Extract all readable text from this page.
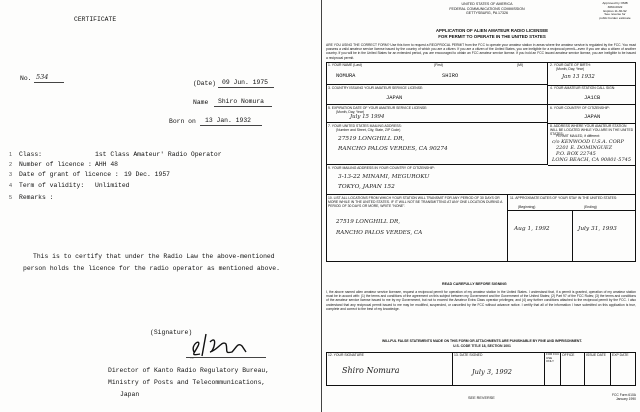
CERTIFICATE
No. 534
(Date) 09 Jun. 1975
Name Shiro Nomura
Born on 13 Jan. 1932
1 Class:	1st Class Amateur' Radio Operator
2 Number of licence : AHH 48
3 Date of grant of licence : 19 Dec. 1957
4 Term of validity: Unlimited
5 Remarks :
This is to certify that under the Radio Law the above-mentioned
person holds the licence for the radio operator as mentioned above.
(Signature)
S. Ueda
Director of Kanto Radio Regulatory Bureau,
Ministry of Posts and Telecommunications,
Japan
UNITED STATES OF AMERICA
FEDERAL COMMUNICATIONS COMMISSION
GETTYSBURG, PA 17326
Approved by OMB
3060-0022
Expires 11-30-92
See reverse for
public burden estimate
APPLICATION OF ALIEN AMATEUR RADIO LICENSEE
FOR PERMIT TO OPERATE IN THE UNITED STATES
ARE YOU USING THE CORRECT FORM? Use this form to request a RECIPROCAL PERMIT from the FCC to operate your amateur station in areas where the amateur service is regulated by the FCC. You must possess a valid amateur service license issued by the country of which you are a citizen. If you are a citizen of the United States, you are ineligible for a reciprocal permit—even if you are also a citizen of another country. If you will be in the United States for an extended period, you are encouraged to obtain an FCC amateur service license. If you hold an FCC issued amateur service license, you are ineligible to be issued a reciprocal permit.
1. YOUR NAME (Last)	(First)	(MI)
NOMURA	SHIRO
2. YOUR DATE OF BIRTH:
(Month, Day, Year)
Jan 13 1932
3. COUNTRY ISSUING YOUR AMATEUR SERVICE LICENSE:
JAPAN
4. YOUR AMATEUR STATION CALL SIGN:
JA1CB
5. EXPIRATION DATE OF YOUR AMATEUR SERVICE LICENSE:
(Month, Day, Year)
July 15 1994
6. YOUR COUNTRY OF CITIZENSHIP:
JAPAN
7. YOUR UNITED STATES MAILING ADDRESS:
(Number and Street, City, State, ZIP Code)
27519 LONGHILL DR,
RANCHO PALOS VERDES, CA 90274
8. ADDRESS WHERE YOUR AMATEUR STATION WILL BE LOCATED WHILE YOU ARE IN THE UNITED STATES:
PERMIT MAILED, if different:
c/o KENWOOD U.S.A. CORP
2201 E. DOMINGUEZ
P.O. BOX 22745
LONG BEACH, CA 90801-5745
9. YOUR MAILING ADDRESS IN YOUR COUNTRY OF CITIZENSHIP:
3-13-22 MINAMI, MEGUROKU
TOKYO, JAPAN 152
10. LIST ALL LOCATIONS FROM WHICH YOUR STATION WILL TRANSMIT FOR ANY PERIOD OF 30 DAYS OR MORE WHILE IN THE UNITED STATES. IF IT WILL NOT BE TRANSMITTING AT ANY ONE LOCATION DURING A PERIOD OF 30 DAYS OR MORE, WRITE "NONE".
27519 LONGHILL DR,
RANCHO PALOS VERDES, CA
11. APPROXIMATE DATES OF YOUR STAY IN THE UNITED STATES:
(Beginning)	(Ending)
Aug 1, 1992	July 31, 1993
READ CAREFULLY BEFORE SIGNING
I, the above named alien amateur service licensee, request a reciprocal permit for operation of my amateur station in the United States. I understand that, if a permit is granted, operation of my amateur station must be in accord with: (1) the terms and conditions of the agreement on this subject between my Government and the Government of the United States; (2) Part 97 of the FCC Rules; (3) the terms and conditions of the amateur service license issued to me by my Government, but not to exceed the Amateur Extra Class operator privileges; and (4) any further conditions attached to the reciprocal permit by the FCC. I also understand that any reciprocal permit issued to me may be modified, suspended, or cancelled by the FCC without advance notice. I certify that all of the information I have submitted on this application is true, complete and correct to the best of my knowledge.
WILLFUL FALSE STATEMENTS MADE ON THIS FORM OR ATTACHMENTS ARE PUNISHABLE BY FINE AND IMPRISONMENT.
U.S. CODE TITLE 18, SECTION 1001
12. YOUR SIGNATURE
Shiro Nomura
13. DATE SIGNED
July 3, 1992
FOR FCC
USE
ONLY
OFFICE	ISSUE DATE EXP DATE
SEE REVERSE
FCC Form 610A
January 1990
